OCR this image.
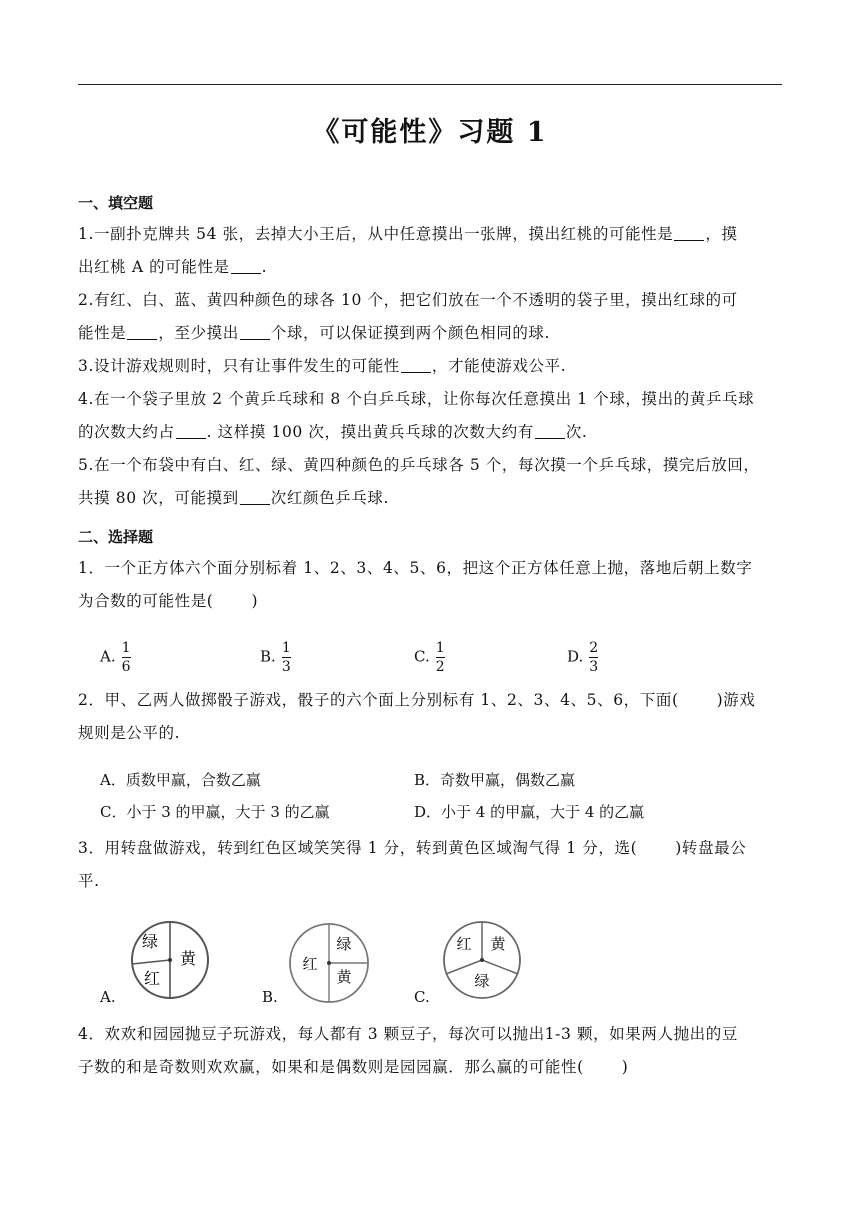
《可能性》习题 1
一、填空题
1.一副扑克牌共 54 张，去掉大小王后，从中任意摸出一张牌，摸出红桃的可能性是 ，摸
出红桃 A 的可能性是 .
2.有红、白、蓝、黄四种颜色的球各 10 个，把它们放在一个不透明的袋子里，摸出红球的可
能性是 ，至少摸出 个球，可以保证摸到两个颜色相同的球.
3.设计游戏规则时，只有让事件发生的可能性 ，才能使游戏公平.
4.在一个袋子里放 2 个黄乒乓球和 8 个白乒乓球，让你每次任意摸出 1 个球，摸出的黄乒乓球
的次数大约占 . 这样摸 100 次，摸出黄兵乓球的次数大约有 次.
5.在一个布袋中有白、红、绿、黄四种颜色的乒乓球各 5 个，每次摸一个乒乓球，摸完后放回，
共摸 80 次，可能摸到 次红颜色乒乓球.
二、选择题
1．一个正方体六个面分别标着 1、2、3、4、5、6，把这个正方体任意上抛，落地后朝上数字
为合数的可能性是( )
A. $\frac{1}{6}$	B. $\frac{1}{3}$	C. $\frac{1}{2}$	D. $\frac{2}{3}$
2．甲、乙两人做掷骰子游戏，骰子的六个面上分别标有 1、2、3、4、5、6，下面( )游戏
规则是公平的.
A．质数甲赢，合数乙赢	B．奇数甲赢，偶数乙赢
C．小于 3 的甲赢，大于 3 的乙赢	D．小于 4 的甲赢，大于 4 的乙赢
3．用转盘做游戏，转到红色区域笑笑得 1 分，转到黄色区域淘气得 1 分，选( )转盘最公
平.
A.
绿
黄
红
B.
绿
红
黄
C.
红 黄
绿
4．欢欢和园园抛豆子玩游戏，每人都有 3 颗豆子，每次可以抛出1-3 颗，如果两人抛出的豆
子数的和是奇数则欢欢赢，如果和是偶数则是园园赢．那么赢的可能性( )
